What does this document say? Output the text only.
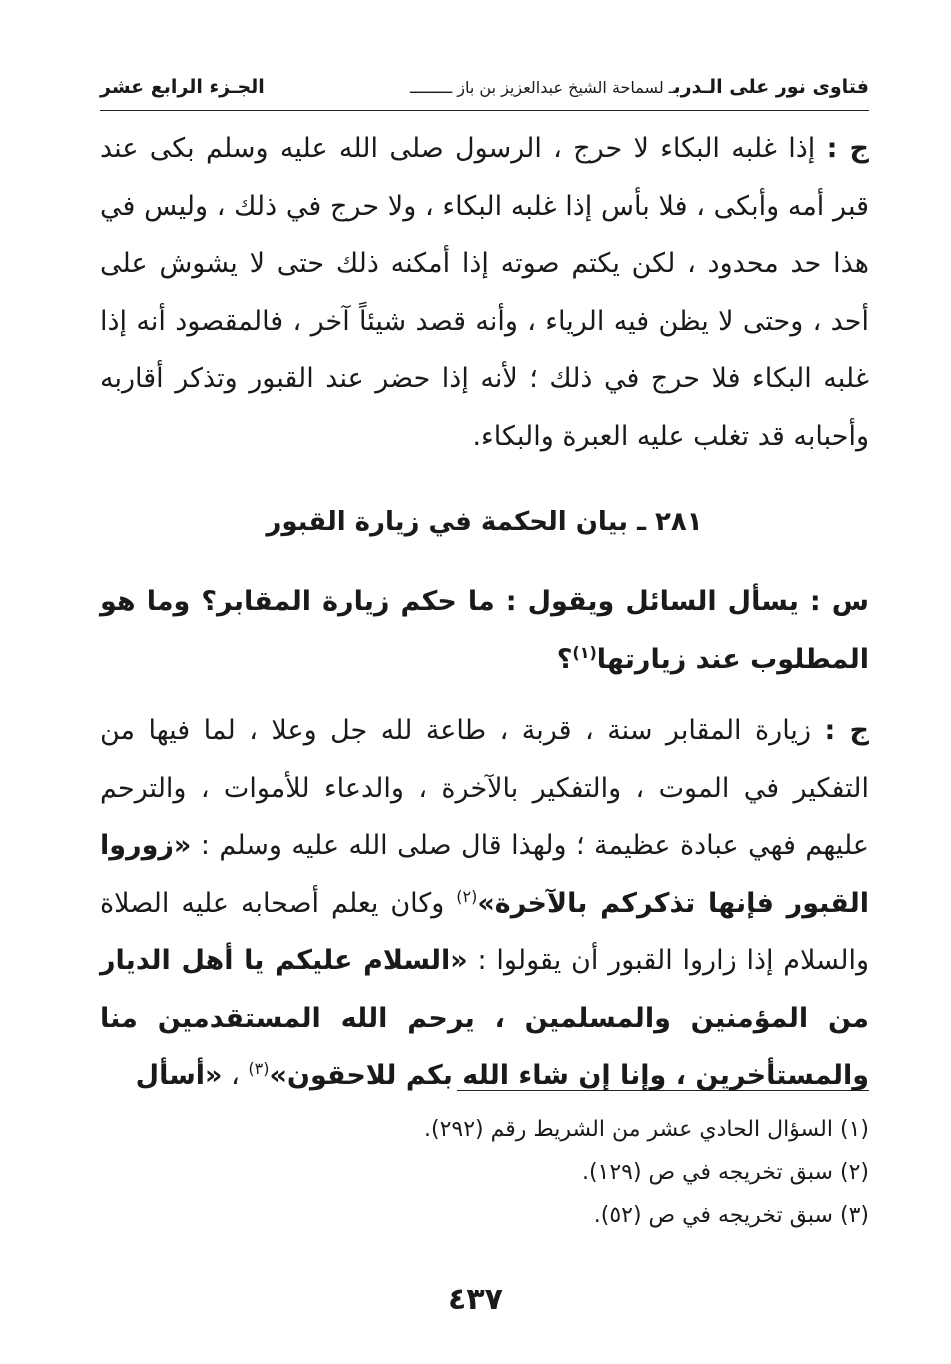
فتاوى نور على الـدربـ لسماحة الشيخ عبدالعزيز بن باز ـــــــــ
الجـزء الرابع عشر

ج : إذا غلبه البكاء لا حرج ، الرسول صلى الله عليه وسلم بكى عند قبر أمه وأبكى ، فلا بأس إذا غلبه البكاء ، ولا حرج في ذلك ، وليس في هذا حد محدود ، لكن يكتم صوته إذا أمكنه ذلك حتى لا يشوش على أحد ، وحتى لا يظن فيه الرياء ، وأنه قصد شيئاً آخر ، فالمقصود أنه إذا غلبه البكاء فلا حرج في ذلك ؛ لأنه إذا حضر عند القبور وتذكر أقاربه وأحبابه قد تغلب عليه العبرة والبكاء.

٢٨١ ـ بيان الحكمة في زيارة القبور

س : يسأل السائل ويقول : ما حكم زيارة المقابر؟ وما هو المطلوب عند زيارتها$^{(١)}$؟

ج : زيارة المقابر سنة ، قربة ، طاعة لله جل وعلا ، لما فيها من التفكير في الموت ، والتفكير بالآخرة ، والدعاء للأموات ، والترحم عليهم فهي عبادة عظيمة ؛ ولهذا قال صلى الله عليه وسلم : «زوروا القبور فإنها تذكركم بالآخرة»$^{(٢)}$ وكان يعلم أصحابه عليه الصلاة والسلام إذا زاروا القبور أن يقولوا : «السلام عليكم يا أهل الديار من المؤمنين والمسلمين ، يرحم الله المستقدمين منا والمستأخرين ، وإنا إن شاء الله بكم للاحقون»$^{(٣)}$ ، «أسأل

(١) السؤال الحادي عشر من الشريط رقم (٢٩٢).
(٢) سبق تخريجه في ص (١٢٩).
(٣) سبق تخريجه في ص (٥٢).
٤٣٧
